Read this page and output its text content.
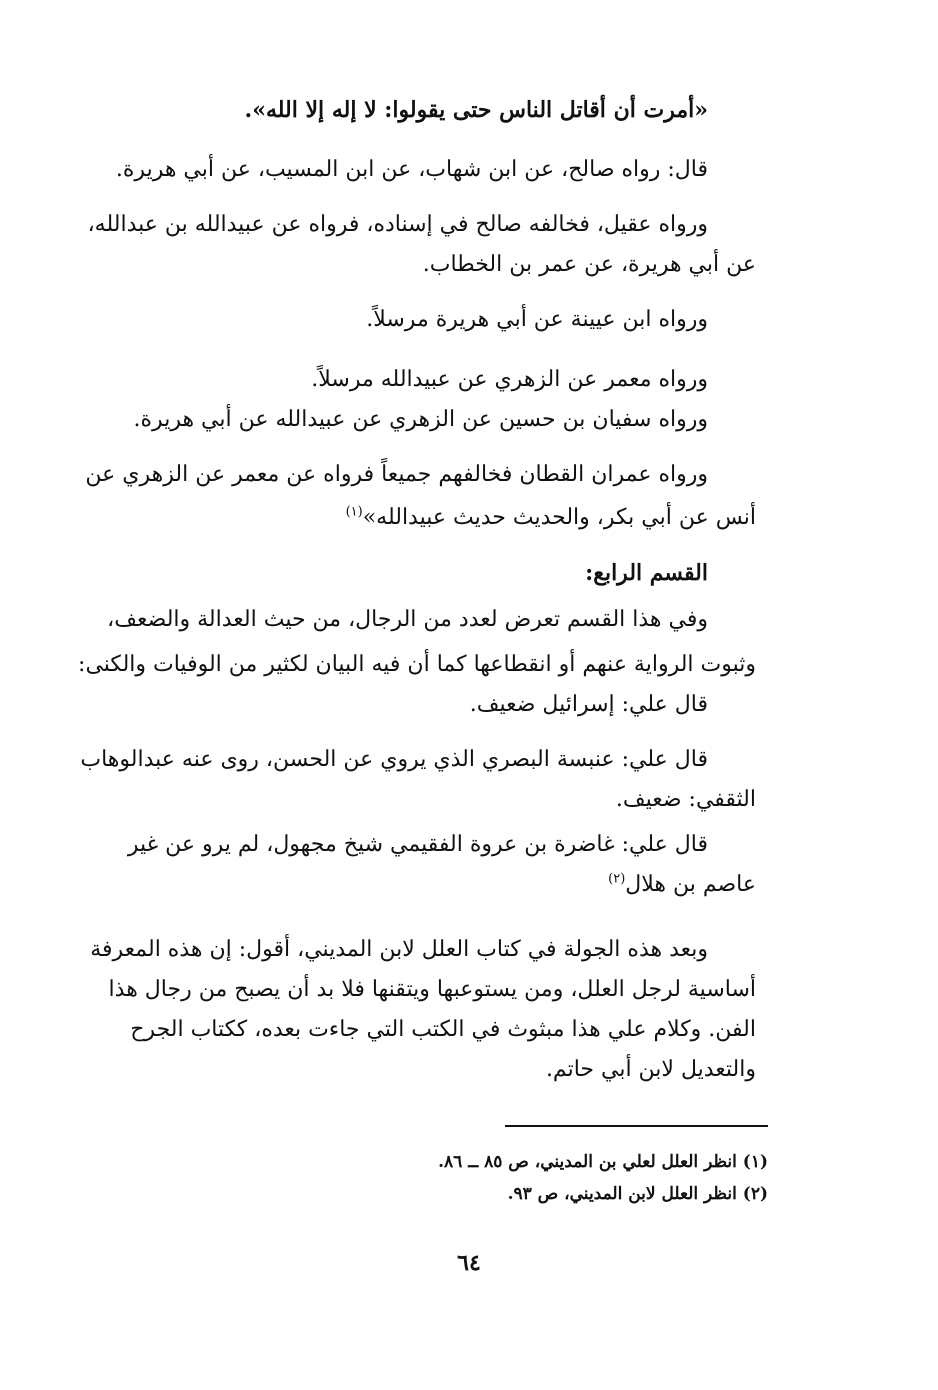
«أمرت أن أقاتل الناس حتى يقولوا: لا إله إلا الله».
قال: رواه صالح، عن ابن شهاب، عن ابن المسيب، عن أبي هريرة.
ورواه عقيل، فخالفه صالح في إسناده، فرواه عن عبيدالله بن عبدالله،
عن أبي هريرة، عن عمر بن الخطاب.
ورواه ابن عيينة عن أبي هريرة مرسلاً.
ورواه معمر عن الزهري عن عبيدالله مرسلاً.
ورواه سفيان بن حسين عن الزهري عن عبيدالله عن أبي هريرة.
ورواه عمران القطان فخالفهم جميعاً فرواه عن معمر عن الزهري عن
أنس عن أبي بكر، والحديث حديث عبيدالله»$^{(١)}$
القسم الرابع:
وفي هذا القسم تعرض لعدد من الرجال، من حيث العدالة والضعف،
وثبوت الرواية عنهم أو انقطاعها كما أن فيه البيان لكثير من الوفيات والكنى:
قال علي: إسرائيل ضعيف.
قال علي: عنبسة البصري الذي يروي عن الحسن، روى عنه عبدالوهاب
الثقفي: ضعيف.
قال علي: غاضرة بن عروة الفقيمي شيخ مجهول، لم يرو عن غير
عاصم بن هلال$^{(٢)}$
وبعد هذه الجولة في كتاب العلل لابن المديني، أقول: إن هذه المعرفة
أساسية لرجل العلل، ومن يستوعبها ويتقنها فلا بد أن يصبح من رجال هذا
الفن. وكلام علي هذا مبثوث في الكتب التي جاءت بعده، ككتاب الجرح
والتعديل لابن أبي حاتم.
(١) انظر العلل لعلي بن المديني، ص ٨٥ ــ ٨٦.
(٢) انظر العلل لابن المديني، ص ٩٣.
٦٤
